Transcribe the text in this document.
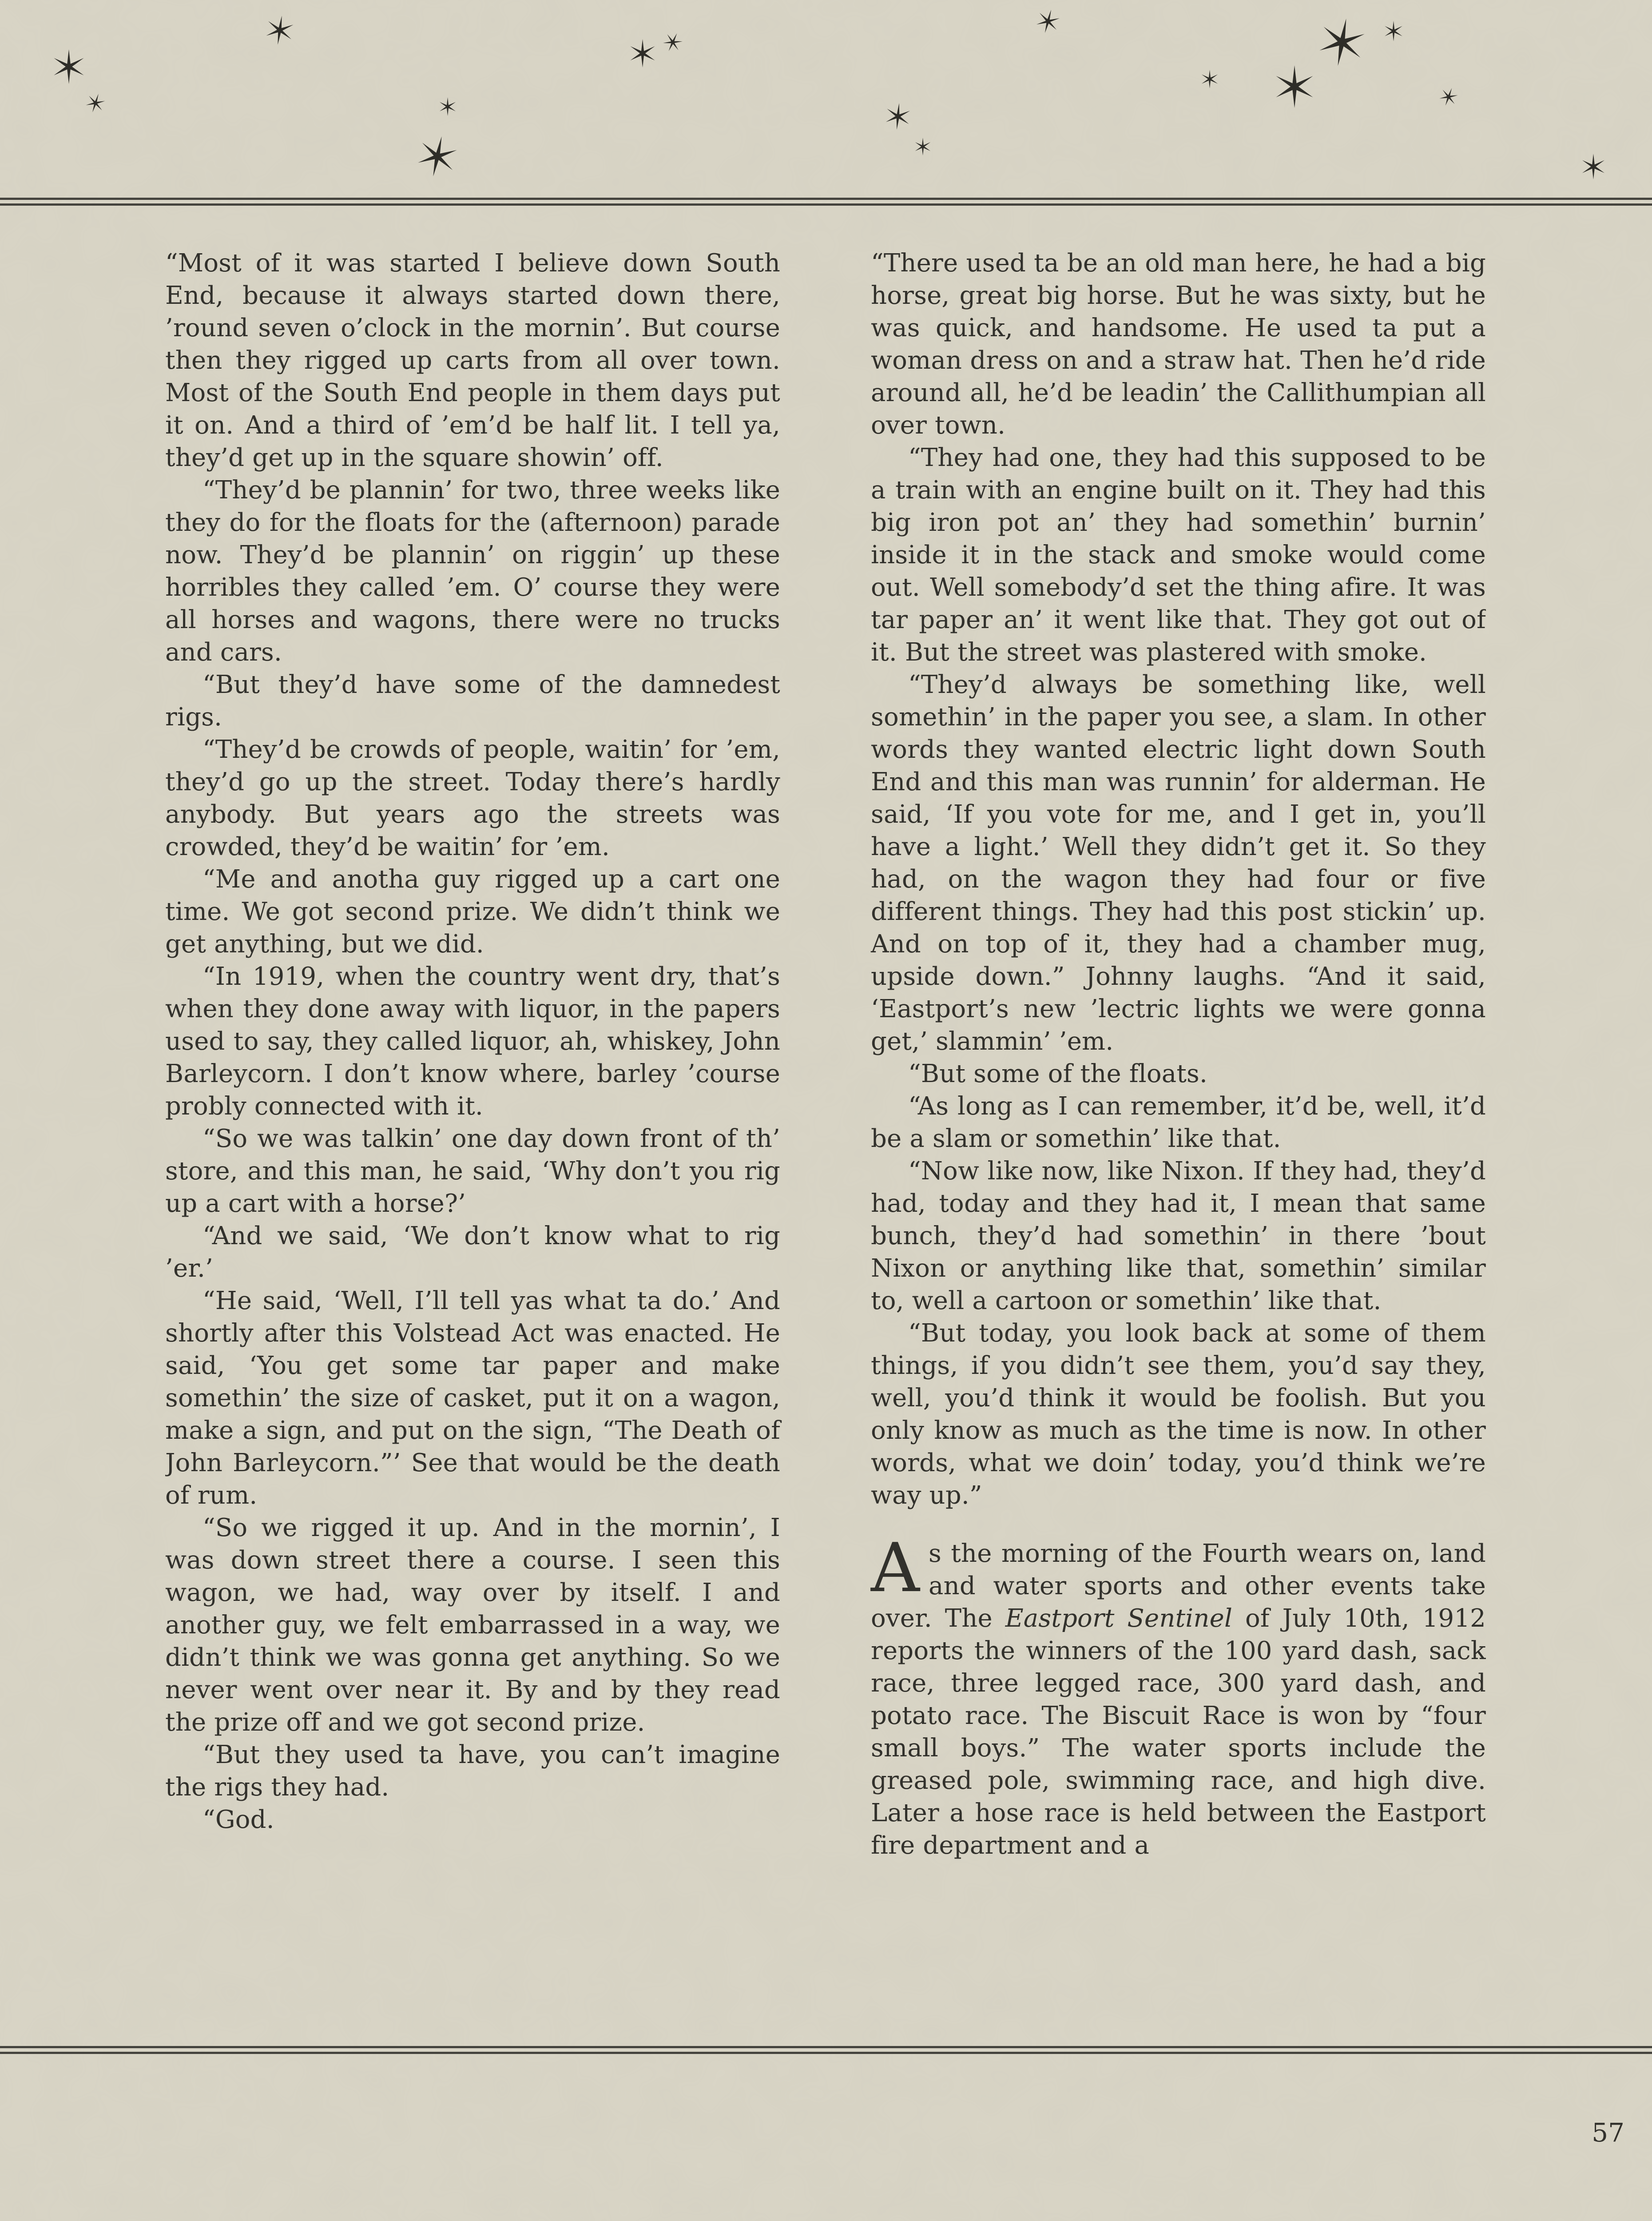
“Most of it was started I believe down South End, because it always started down there, ’round seven o’clock in the mornin’. But course then they rigged up carts from all over town. Most of the South End people in them days put it on. And a third of ’em’d be half lit. I tell ya, they’d get up in the square showin’ off.

“They’d be plannin’ for two, three weeks like they do for the floats for the (afternoon) parade now. They’d be plannin’ on riggin’ up these horribles they called ’em. O’ course they were all horses and wagons, there were no trucks and cars.

“But they’d have some of the damnedest rigs.

“They’d be crowds of people, waitin’ for ’em, they’d go up the street. Today there’s hardly anybody. But years ago the streets was crowded, they’d be waitin’ for ’em.

“Me and anotha guy rigged up a cart one time. We got second prize. We didn’t think we get anything, but we did.

“In 1919, when the country went dry, that’s when they done away with liquor, in the papers used to say, they called liquor, ah, whiskey, John Barleycorn. I don’t know where, barley ’course probly connected with it.

“So we was talkin’ one day down front of th’ store, and this man, he said, ‘Why don’t you rig up a cart with a horse?’

“And we said, ‘We don’t know what to rig ’er.’

“He said, ‘Well, I’ll tell yas what ta do.’ And shortly after this Volstead Act was enacted. He said, ‘You get some tar paper and make somethin’ the size of casket, put it on a wagon, make a sign, and put on the sign, “The Death of John Barleycorn.”’ See that would be the death of rum.

“So we rigged it up. And in the mornin’, I was down street there a course. I seen this wagon, we had, way over by itself. I and another guy, we felt embarrassed in a way, we didn’t think we was gonna get anything. So we never went over near it. By and by they read the prize off and we got second prize.

“But they used ta have, you can’t imagine the rigs they had.

“God.

“There used ta be an old man here, he had a big horse, great big horse. But he was sixty, but he was quick, and handsome. He used ta put a woman dress on and a straw hat. Then he’d ride around all, he’d be leadin’ the Callithumpian all over town.

“They had one, they had this supposed to be a train with an engine built on it. They had this big iron pot an’ they had somethin’ burnin’ inside it in the stack and smoke would come out. Well somebody’d set the thing afire. It was tar paper an’ it went like that. They got out of it. But the street was plastered with smoke.

“They’d always be something like, well somethin’ in the paper you see, a slam. In other words they wanted electric light down South End and this man was runnin’ for alderman. He said, ‘If you vote for me, and I get in, you’ll have a light.’ Well they didn’t get it. So they had, on the wagon they had four or five different things. They had this post stickin’ up. And on top of it, they had a chamber mug, upside down.” Johnny laughs. “And it said, ‘Eastport’s new ’lectric lights we were gonna get,’ slammin’ ’em.

“But some of the floats.

“As long as I can remember, it’d be, well, it’d be a slam or somethin’ like that.

“Now like now, like Nixon. If they had, they’d had, today and they had it, I mean that same bunch, they’d had somethin’ in there ’bout Nixon or anything like that, somethin’ similar to, well a cartoon or somethin’ like that.

“But today, you look back at some of them things, if you didn’t see them, you’d say they, well, you’d think it would be foolish. But you only know as much as the time is now. In other words, what we doin’ today, you’d think we’re way up.”

As the morning of the Fourth wears on, land and water sports and other events take over. The Eastport Sentinel of July 10th, 1912 reports the winners of the 100 yard dash, sack race, three legged race, 300 yard dash, and potato race. The Biscuit Race is won by “four small boys.” The water sports include the greased pole, swimming race, and high dive. Later a hose race is held between the Eastport fire department and a

57
